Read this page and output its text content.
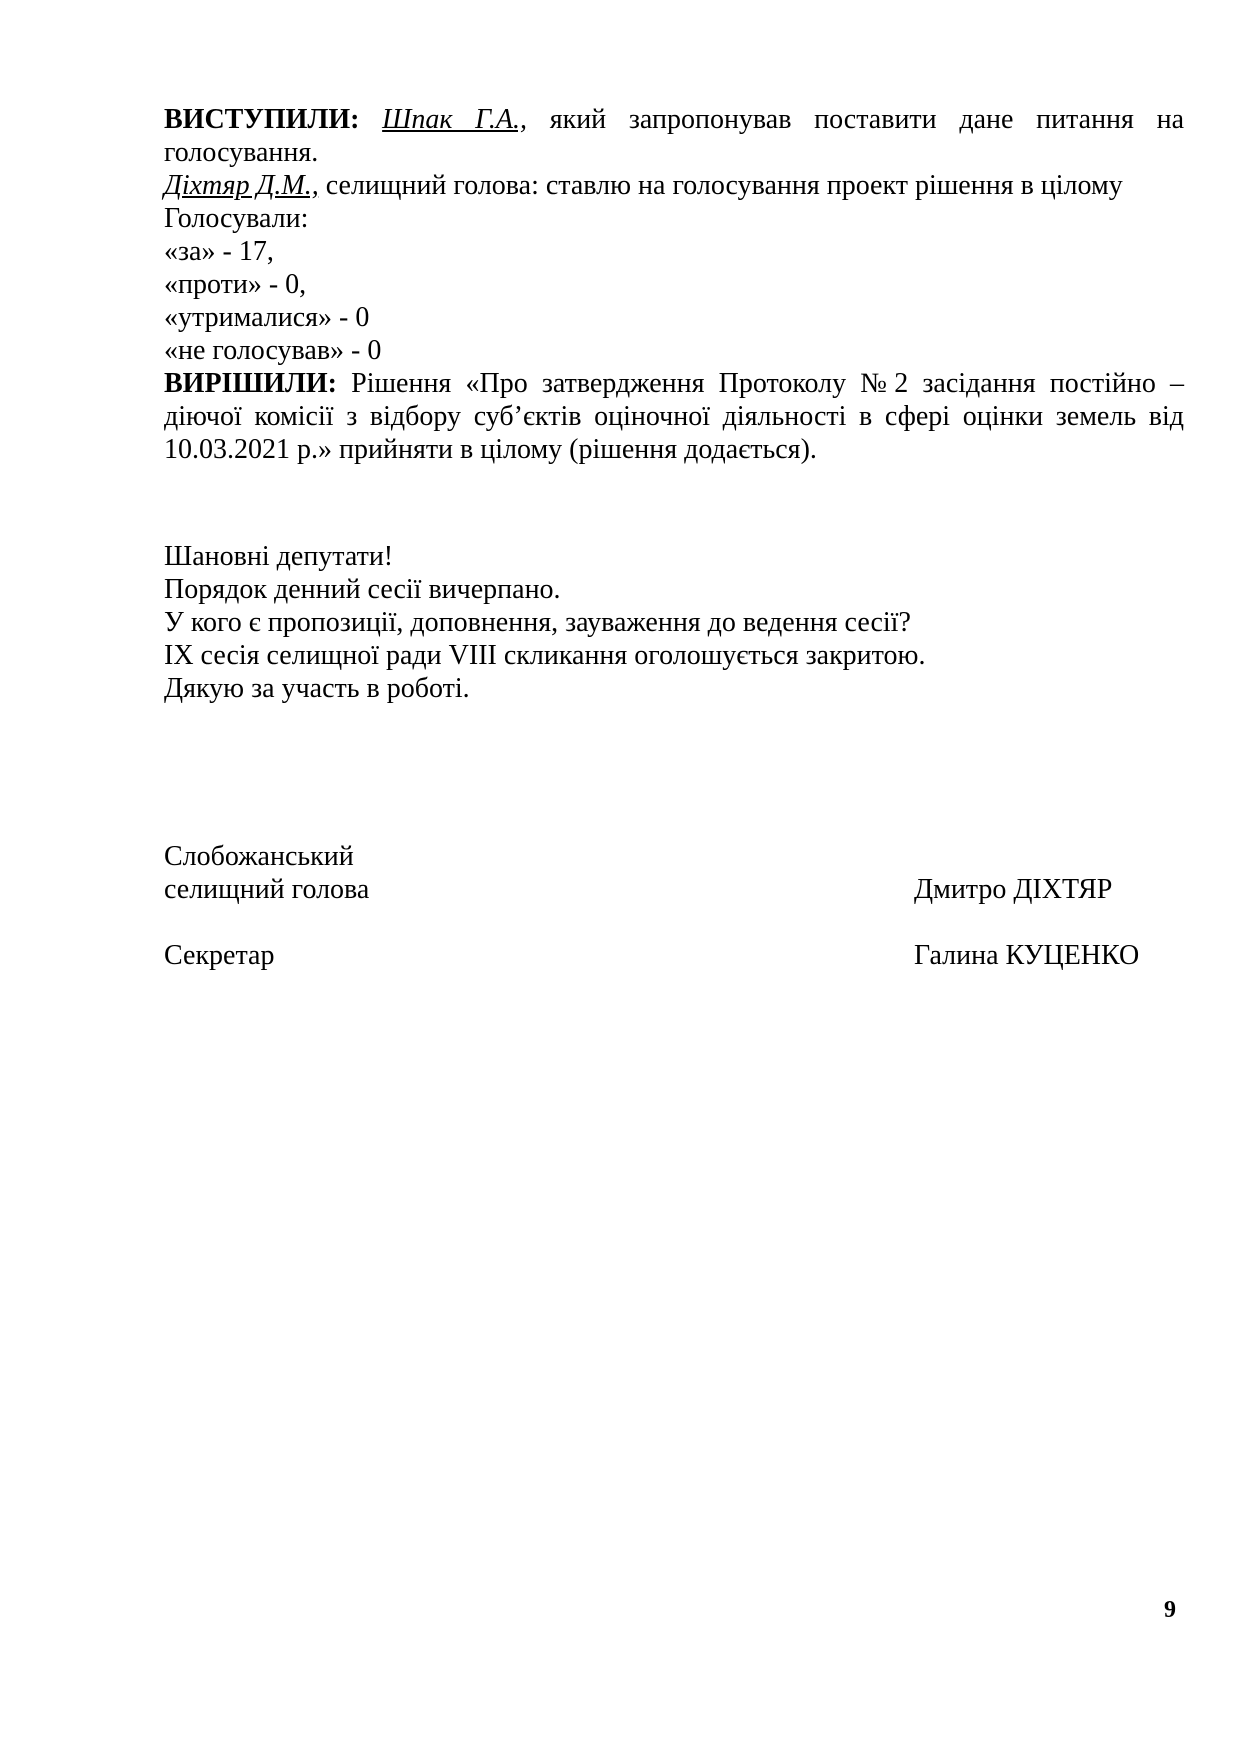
ВИСТУПИЛИ: Шпак Г.А., який запропонував поставити дане питання на

голосування.

Діхтяр Д.М., селищний голова: ставлю на голосування проект рішення в цілому

Голосували:

«за» - 17,

«проти» - 0,

«утрималися» - 0

«не голосував» - 0

ВИРІШИЛИ: Рішення «Про затвердження Протоколу №2 засідання постійно –

діючої комісії з відбору суб’єктів оціночної діяльності в сфері оцінки земель від

10.03.2021 р.» прийняти в цілому (рішення додається).

Шановні депутати!

Порядок денний сесії вичерпано.

У кого є пропозиції, доповнення, зауваження до ведення сесії?

ІХ сесія селищної ради VIII скликання оголошується закритою.

Дякую за участь в роботі.

Слобожанський

селищний голова	Дмитро ДІХТЯР

Секретар	Галина КУЦЕНКО
9
